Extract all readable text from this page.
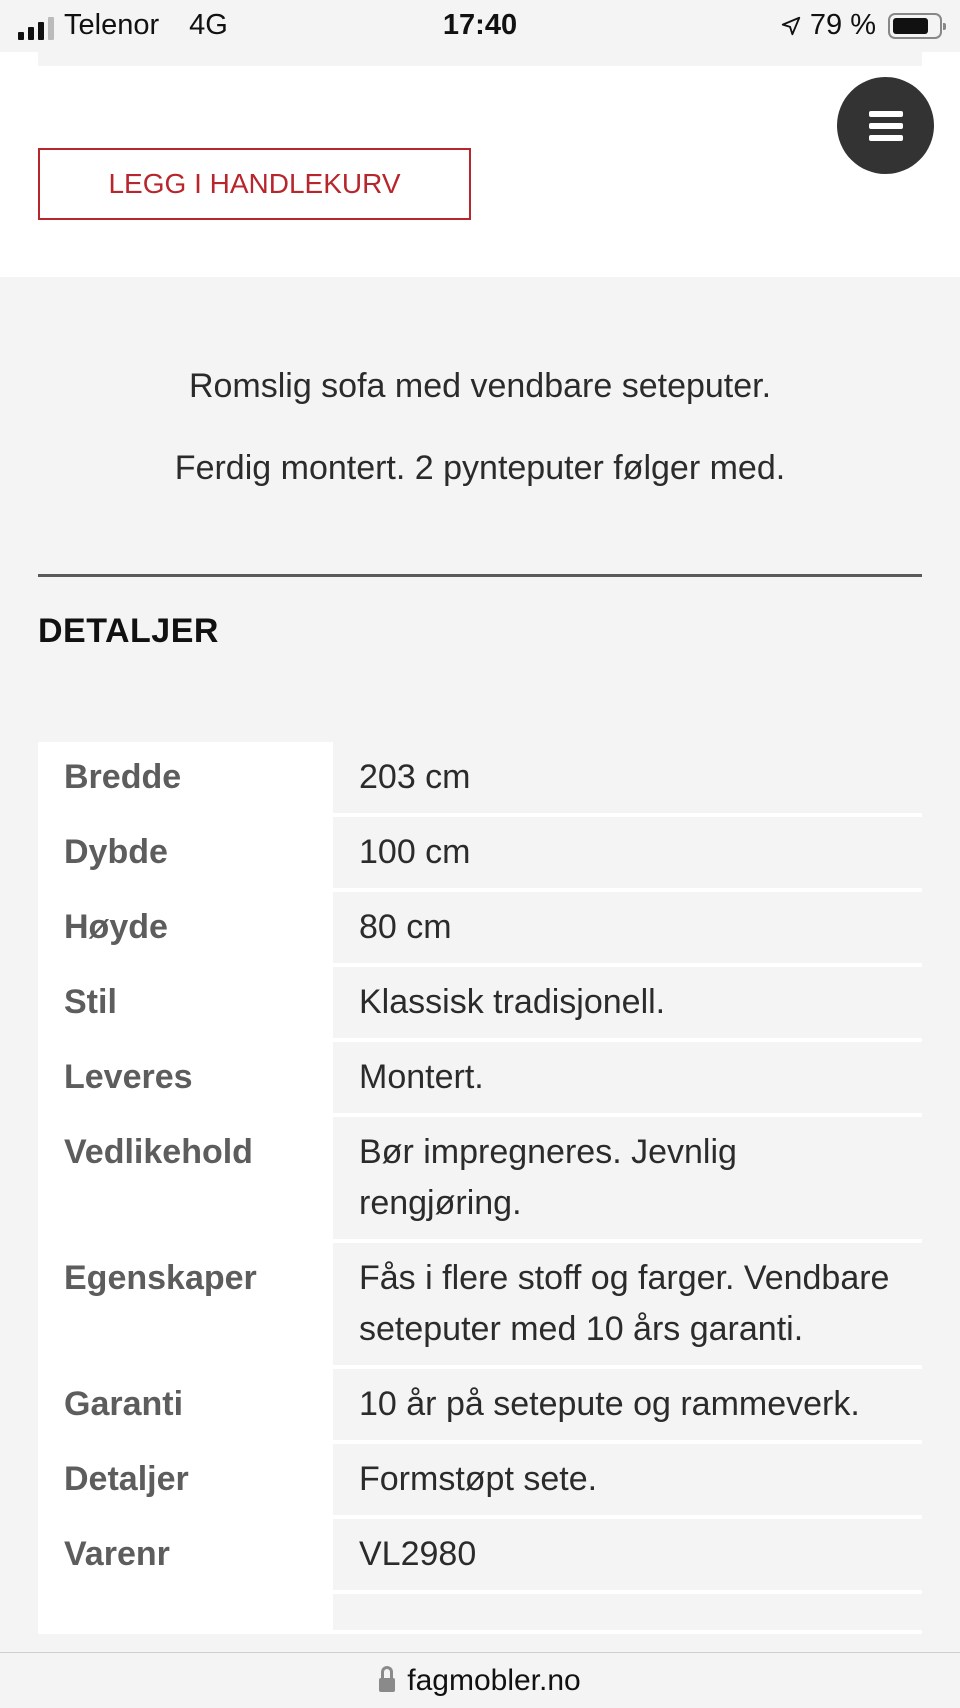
Telenor 4G	17:40	79 %
LEGG I HANDLEKURV

Romslig sofa med vendbare seteputer.

Ferdig montert. 2 pynteputer følger med.

DETALJER
Bredde	203 cm
Dybde	100 cm
Høyde	80 cm
Stil	Klassisk tradisjonell.
Leveres	Montert.
Vedlikehold	Bør impregneres. Jevnlig rengjøring.
Egenskaper	Fås i flere stoff og farger. Vendbare seteputer med 10 års garanti.
Garanti	10 år på setepute og rammeverk.
Detaljer	Formstøpt sete.
Varenr	VL2980
fagmobler.no
